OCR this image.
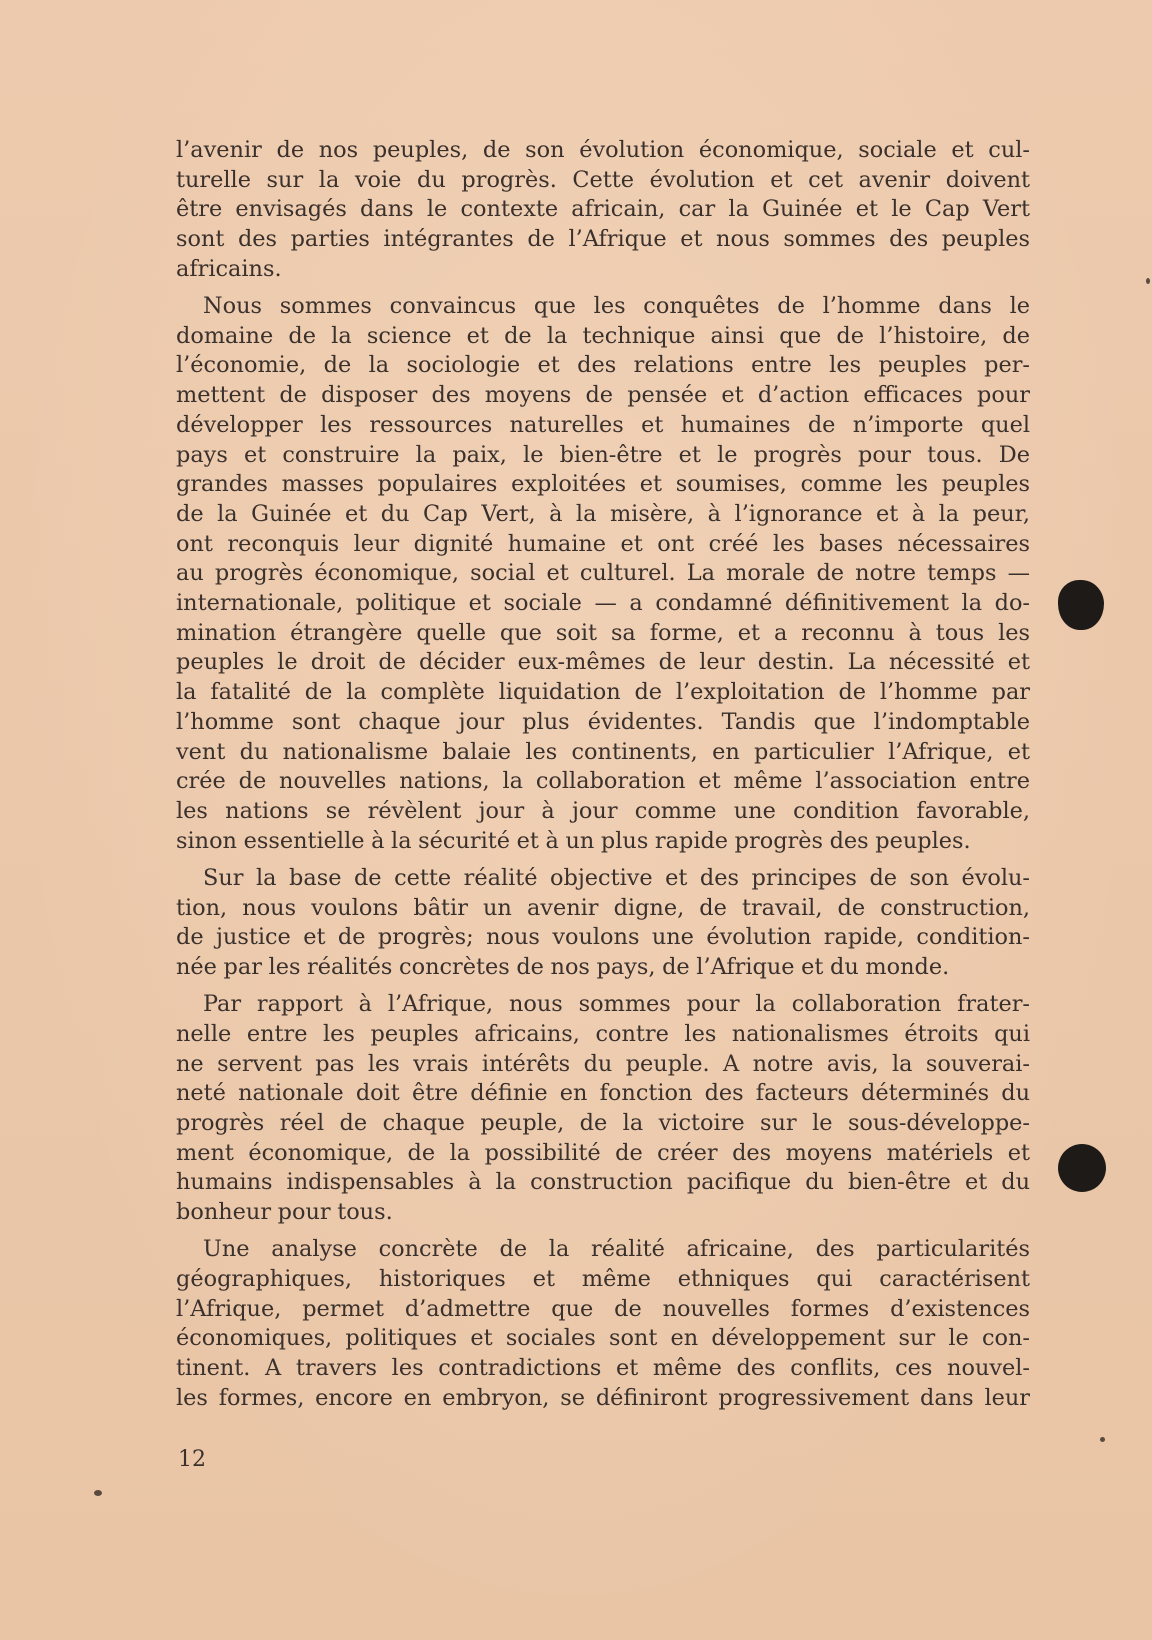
l’avenir de nos peuples, de son évolution économique, sociale et cul-
turelle sur la voie du progrès. Cette évolution et cet avenir doivent
être envisagés dans le contexte africain, car la Guinée et le Cap Vert
sont des parties intégrantes de l’Afrique et nous sommes des peuples
africains.
Nous sommes convaincus que les conquêtes de l’homme dans le
domaine de la science et de la technique ainsi que de l’histoire, de
l’économie, de la sociologie et des relations entre les peuples per-
mettent de disposer des moyens de pensée et d’action efficaces pour
développer les ressources naturelles et humaines de n’importe quel
pays et construire la paix, le bien-être et le progrès pour tous. De
grandes masses populaires exploitées et soumises, comme les peuples
de la Guinée et du Cap Vert, à la misère, à l’ignorance et à la peur,
ont reconquis leur dignité humaine et ont créé les bases nécessaires
au progrès économique, social et culturel. La morale de notre temps —
internationale, politique et sociale — a condamné définitivement la do-
mination étrangère quelle que soit sa forme, et a reconnu à tous les
peuples le droit de décider eux-mêmes de leur destin. La nécessité et
la fatalité de la complète liquidation de l’exploitation de l’homme par
l’homme sont chaque jour plus évidentes. Tandis que l’indomptable
vent du nationalisme balaie les continents, en particulier l’Afrique, et
crée de nouvelles nations, la collaboration et même l’association entre
les nations se révèlent jour à jour comme une condition favorable,
sinon essentielle à la sécurité et à un plus rapide progrès des peuples.
Sur la base de cette réalité objective et des principes de son évolu-
tion, nous voulons bâtir un avenir digne, de travail, de construction,
de justice et de progrès; nous voulons une évolution rapide, condition-
née par les réalités concrètes de nos pays, de l’Afrique et du monde.
Par rapport à l’Afrique, nous sommes pour la collaboration frater-
nelle entre les peuples africains, contre les nationalismes étroits qui
ne servent pas les vrais intérêts du peuple. A notre avis, la souverai-
neté nationale doit être définie en fonction des facteurs déterminés du
progrès réel de chaque peuple, de la victoire sur le sous-développe-
ment économique, de la possibilité de créer des moyens matériels et
humains indispensables à la construction pacifique du bien-être et du
bonheur pour tous.
Une analyse concrète de la réalité africaine, des particularités
géographiques, historiques et même ethniques qui caractérisent
l’Afrique, permet d’admettre que de nouvelles formes d’existences
économiques, politiques et sociales sont en développement sur le con-
tinent. A travers les contradictions et même des conflits, ces nouvel-
les formes, encore en embryon, se définiront progressivement dans leur
12
